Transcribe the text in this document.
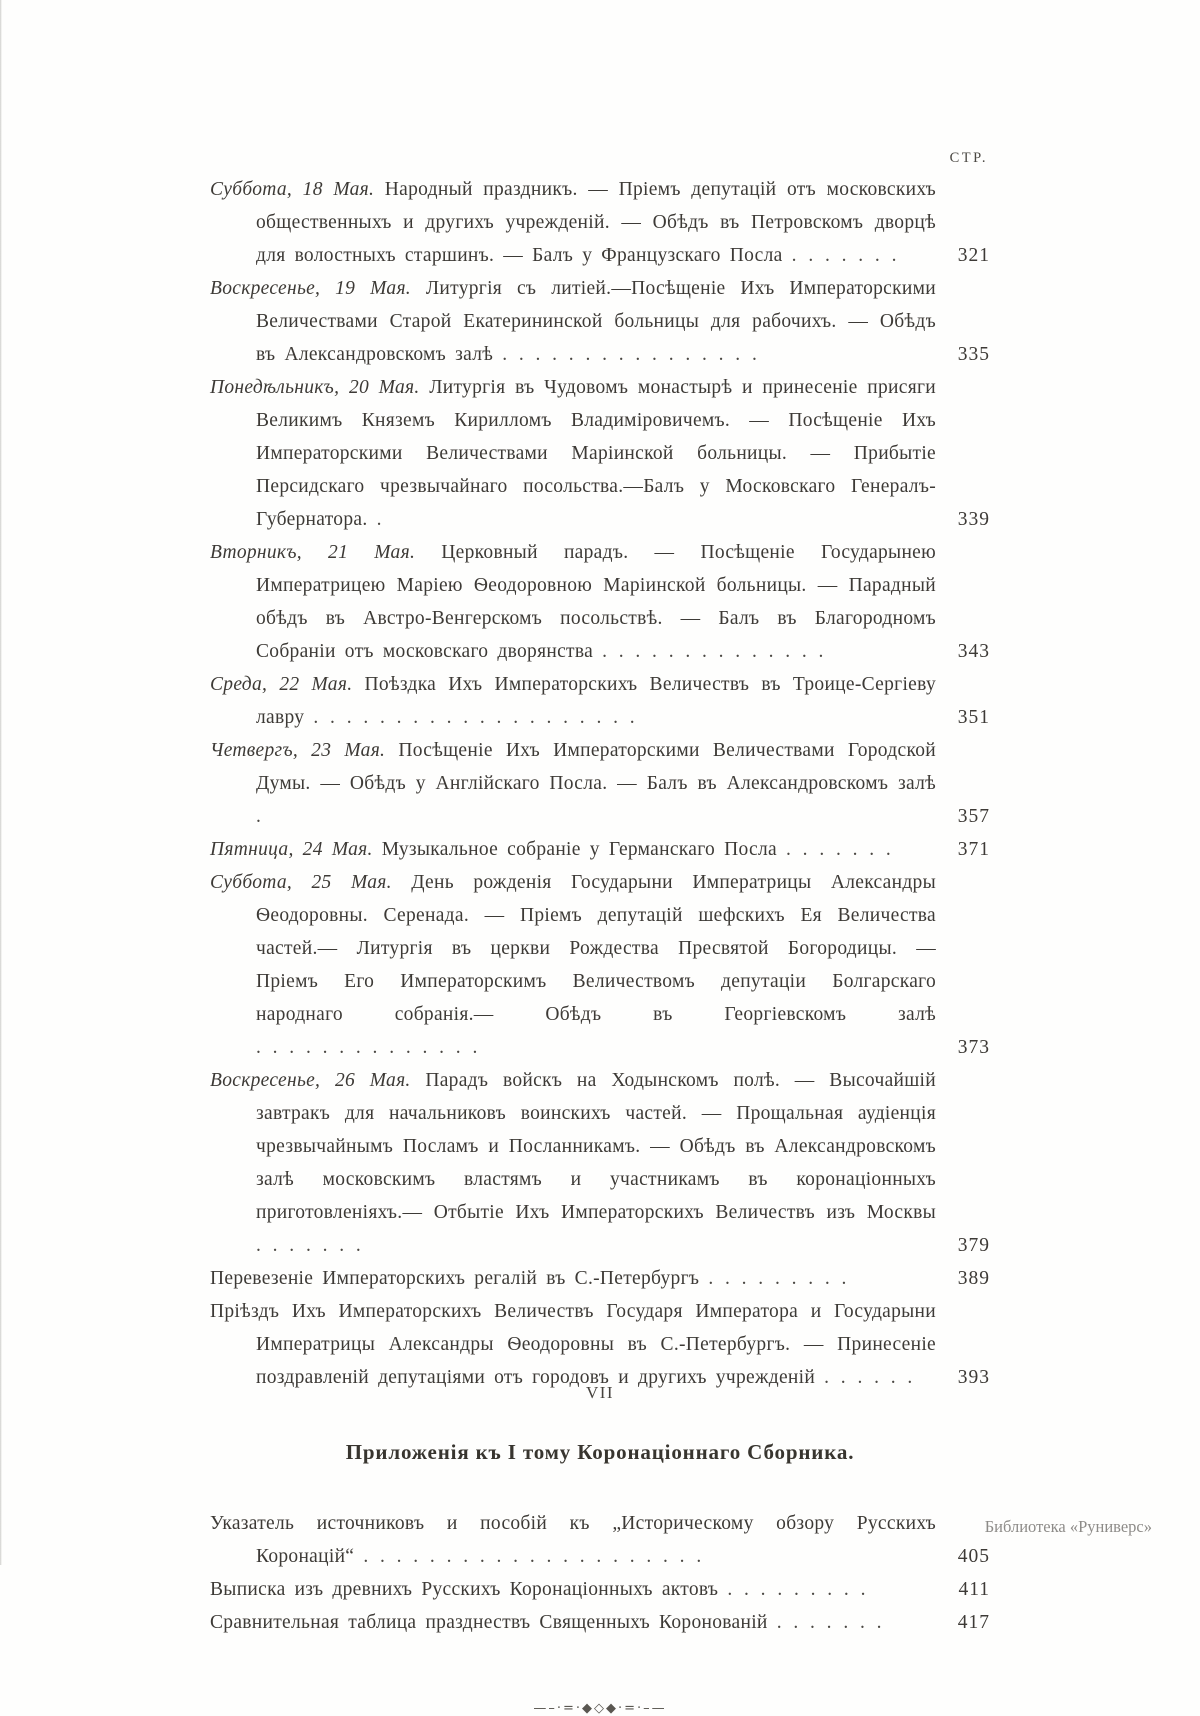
СТР.

Суббота, 18 Мая. Народный праздникъ. — Пріемъ депутацій отъ московскихъ общественныхъ и другихъ учрежденій. — Обѣдъ въ Петровскомъ дворцѣ для волостныхъ старшинъ. — Балъ у Французскаго Посла . . . . . . .	321

Воскресенье, 19 Мая. Литургія съ литіей.—Посѣщеніе Ихъ Императорскими Величествами Старой Екатерининской больницы для рабочихъ. — Обѣдъ въ Александровскомъ залѣ . . . . . . . . . . . . . . . .	335

Понедѣльникъ, 20 Мая. Литургія въ Чудовомъ монастырѣ и принесеніе присяги Великимъ Княземъ Кирилломъ Владиміровичемъ. — Посѣщеніе Ихъ Императорскими Величествами Маріинской больницы. — Прибытіе Персидскаго чрезвычайнаго посольства.—Балъ у Московскаго Генералъ-Губернатора. .	339

Вторникъ, 21 Мая. Церковный парадъ. — Посѣщеніе Государынею Императрицею Маріею Ѳеодоровною Маріинской больницы. — Парадный обѣдъ въ Австро-Венгерскомъ посольствѣ. — Балъ въ Благородномъ Собраніи отъ московскаго дворянства . . . . . . . . . . . . . .	343

Среда, 22 Мая. Поѣздка Ихъ Императорскихъ Величествъ въ Троице-Сергіеву лавру . . . . . . . . . . . . . . . . . . . .	351

Четвергъ, 23 Мая. Посѣщеніе Ихъ Императорскими Величествами Городской Думы. — Обѣдъ у Англійскаго Посла. — Балъ въ Александровскомъ залѣ .	357

Пятница, 24 Мая. Музыкальное собраніе у Германскаго Посла . . . . . . .	371

Суббота, 25 Мая. День рожденія Государыни Императрицы Александры Ѳеодоровны. Серенада. — Пріемъ депутацій шефскихъ Ея Величества частей.— Литургія въ церкви Рождества Пресвятой Богородицы. — Пріемъ Его Императорскимъ Величествомъ депутаціи Болгарскаго народнаго собранія.— Обѣдъ въ Георгіевскомъ залѣ . . . . . . . . . . . . . .	373

Воскресенье, 26 Мая. Парадъ войскъ на Ходынскомъ полѣ. — Высочайшій завтракъ для начальниковъ воинскихъ частей. — Прощальная аудіенція чрезвычайнымъ Посламъ и Посланникамъ. — Обѣдъ въ Александровскомъ залѣ московскимъ властямъ и участникамъ въ коронаціонныхъ приготовленіяхъ.— Отбытіе Ихъ Императорскихъ Величествъ изъ Москвы . . . . . . .	379

Перевезеніе Императорскихъ регалій въ С.-Петербургъ . . . . . . . . .	389

Пріѣздъ Ихъ Императорскихъ Величествъ Государя Императора и Государыни Императрицы Александры Ѳеодоровны въ С.-Петербургъ. — Принесеніе поздравленій депутаціями отъ городовъ и другихъ учрежденій . . . . . . 393

Приложенія къ I тому Коронаціоннаго Сборника.

Указатель источниковъ и пособій къ „Историческому обзору Русскихъ Коронацій“ . . . . . . . . . . . . . . . . . . . . .	405

Выписка изъ древнихъ Русскихъ Коронаціонныхъ актовъ . . . . . . . . .	411

Сравнительная таблица празднествъ Священныхъ Коронованій . . . . . . .	417

—–·=·◆◇◆·=·–—
VII
Библиотека «Руниверс»
